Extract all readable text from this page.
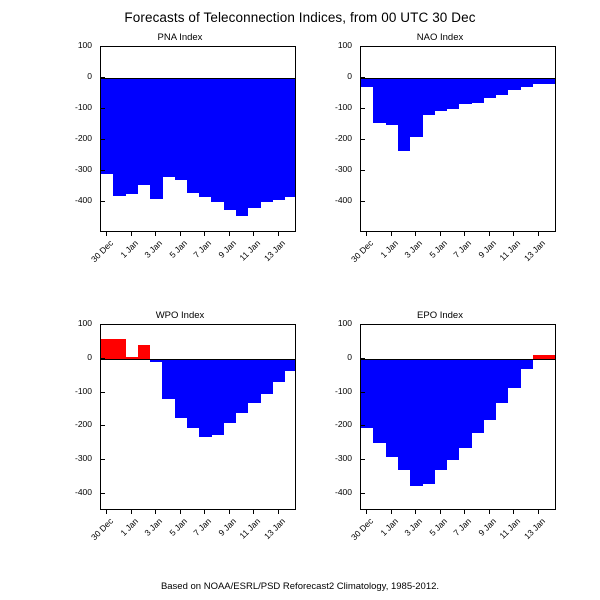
Forecasts of Teleconnection Indices, from 00 UTC 30 Dec
PNA Index
100
0
-100
-200
-300
-400
30 Dec 1 Jan 3 Jan 5 Jan 7 Jan 9 Jan 11 Jan 13 Jan
NAO Index
100
0
-100
-200
-300
-400
30 Dec 1 Jan 3 Jan 5 Jan 7 Jan 9 Jan 11 Jan 13 Jan
WPO Index
100
0
-100
-200
-300
-400
30 Dec 1 Jan 3 Jan 5 Jan 7 Jan 9 Jan 11 Jan 13 Jan
EPO Index
100
0
-100
-200
-300
-400
30 Dec 1 Jan 3 Jan 5 Jan 7 Jan 9 Jan 11 Jan 13 Jan
Based on NOAA/ESRL/PSD Reforecast2 Climatology, 1985-2012.
